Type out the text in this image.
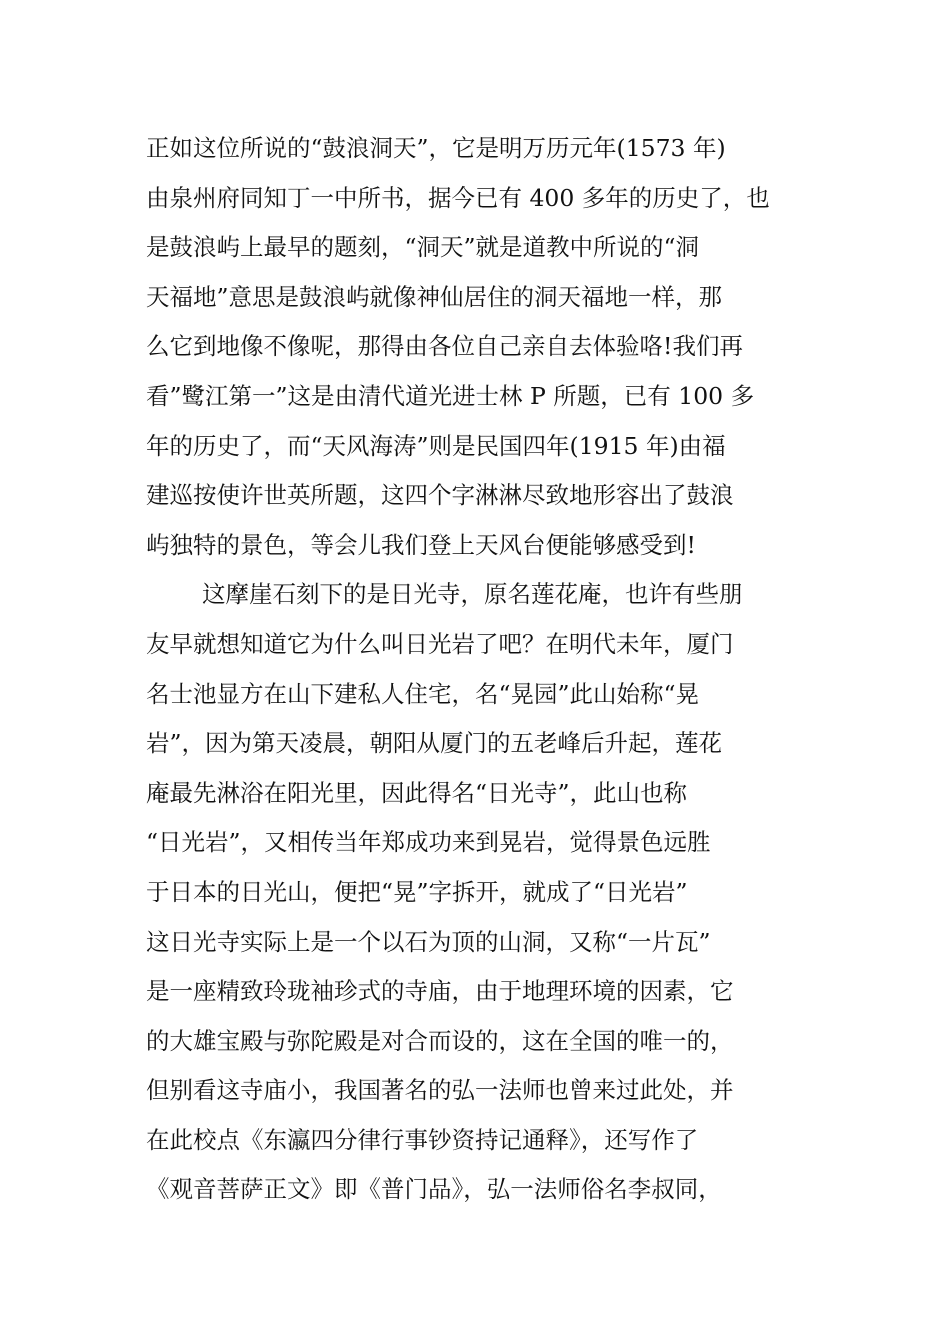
正如这位所说的“鼓浪洞天”，它是明万历元年(1573 年)
由泉州府同知丁一中所书，据今已有 400 多年的历史了，也
是鼓浪屿上最早的题刻，“洞天”就是道教中所说的“洞
天福地”意思是鼓浪屿就像神仙居住的洞天福地一样，那
么它到地像不像呢，那得由各位自己亲自去体验咯!我们再
看”鹭江第一”这是由清代道光进士林 P 所题，已有 100 多
年的历史了，而“天风海涛”则是民国四年(1915 年)由福
建巡按使许世英所题，这四个字淋淋尽致地形容出了鼓浪
屿独特的景色，等会儿我们登上天风台便能够感受到!
这摩崖石刻下的是日光寺，原名莲花庵，也许有些朋
友早就想知道它为什么叫日光岩了吧？在明代未年，厦门
名士池显方在山下建私人住宅，名“晃园”此山始称“晃
岩”，因为第天凌晨，朝阳从厦门的五老峰后升起，莲花
庵最先淋浴在阳光里，因此得名“日光寺”，此山也称
“日光岩”，又相传当年郑成功来到晃岩，觉得景色远胜
于日本的日光山，便把“晃”字拆开，就成了“日光岩”
这日光寺实际上是一个以石为顶的山洞，又称“一片瓦”
是一座精致玲珑袖珍式的寺庙，由于地理环境的因素，它
的大雄宝殿与弥陀殿是对合而设的，这在全国的唯一的，
但别看这寺庙小，我国著名的弘一法师也曾来过此处，并
在此校点《东瀛四分律行事钞资持记通释》，还写作了
《观音菩萨正文》即《普门品》，弘一法师俗名李叔同，
